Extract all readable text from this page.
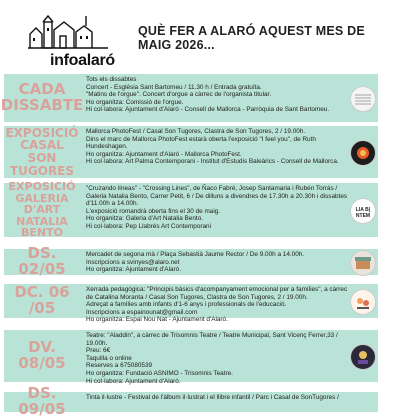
infoalaró
QUÈ FER A ALARÓ AQUEST MES DE MAIG 2026...
CADA DISSABTE

Tots els dissabtes

Concert - Església Sant Bartomeu / 11.30 h / Entrada gratuïta.

"Matins de l'orgue". Concert d'orgue a càrrec de l'organista titular.

Ho organitza: Comissió de l'orgue.

Hi col·labora: Ajuntament d'Alaró - Consell de Mallorca - Parròquia de Sant Bartomeu.

EXPOSICIÓ CASAL SON TUGORES

Mallorca PhotoFest / Casal Son Tugores, Clastra de Son Tugores, 2 / 19.00h.

Dins el marc de Mallorca PhotoFest estarà oberta l'exposició "I feel you", de Ruth Hundeshagen.

Ho organitza: Ajuntament d'Alaró - Mallorca PhotoFest.

Hi col·labora: Art Palma Contemporani - Institut d'Estudis Baleàrics - Consell de Mallorca.

EXPOSICIÓ GALERIA D'ART NATALIA BENTO

"Cruzando líneas" - "Crossing Lines", de Ñaco Fabré, Josep Santamaria i Rubén Torrás / Galeria Natalia Bento, Carrer Petit, 6 / De dilluns a divendres de 17.30h a 20.30h i dissabtes d'11.00h a 14.00h.

L'exposició romandrà oberta fins el 30 de maig.

Ho organitza: Galeria d'Art Natalia Bento.

Hi col·labora: Pep Llabrés Art Contemporani

LIA B| NTEM
DS. 02/05

Mercadet de segona mà / Plaça Sebastià Jaume Rector / De 9.00h a 14.00h.

Inscripcions a svinyes@alaro.net

Ho organitza: Ajuntament d'Alaró.

DC. 06 /05

Xerrada pedagògica: "Principis bàsics d'acompanyament emocional per a famílies", a càrrec de Catalina Moranta / Casal Son Tugores, Clastra de Son Tugores, 2 / 19.00h.

Adreçat a famílies amb infants d'1-6 anys i professionals de l'educació.

Inscripcions a espainounat@gmail.com

Ho organitza: Espai Nou Nat - Ajuntament d'Alaró.

DV. 08/05

Teatre: "Aladdin", a càrrec de Trisomnis Teatre / Teatre Municipal, Sant Vicenç Ferrer,33 / 19.00h.

Preu: 6€

Taquilla o online

Reserves a 675080539

Ho organitza: Fundació ASNIMO - Trisomnis Teatre.

Hi col·labora: Ajuntament d'Alaró.

DS. 09/05

Tinta il·lustre - Festival de l'àlbum il·lustrat i el llibre infantil / Parc i Casal de SonTugores /
